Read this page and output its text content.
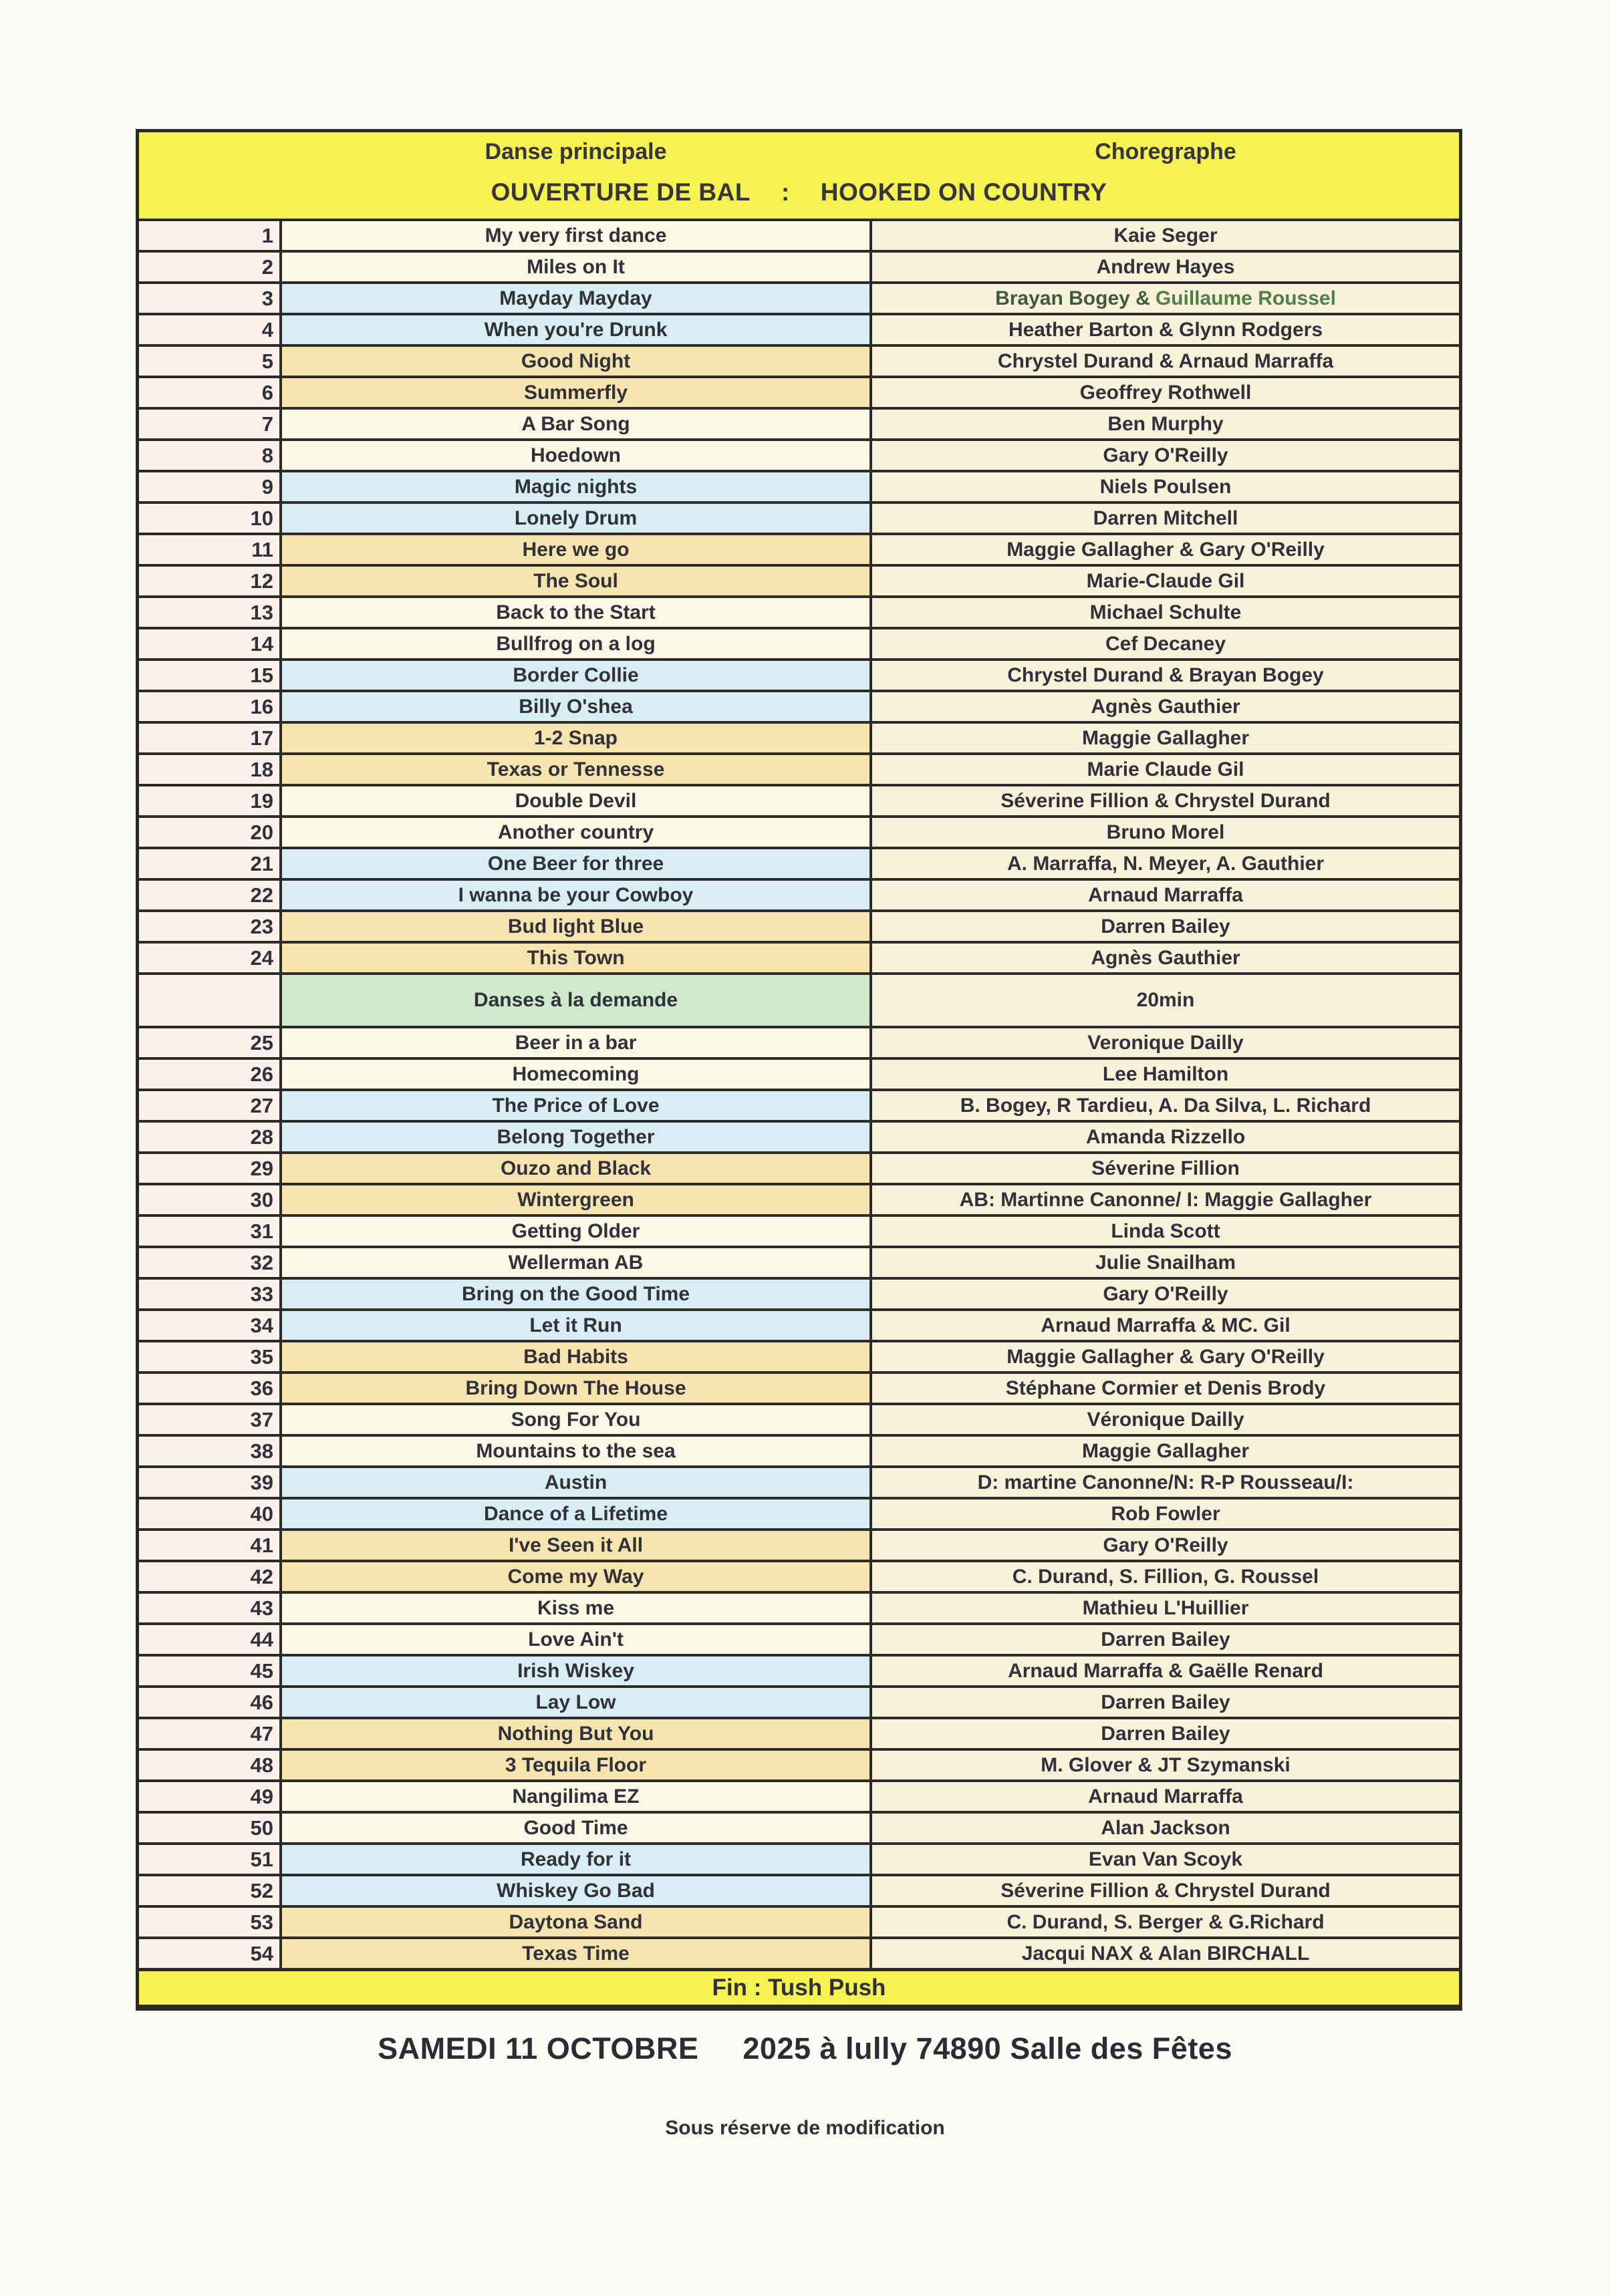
Danse principale	Choregraphe
OUVERTURE DE BAL : HOOKED ON COUNTRY
1	My very first dance	Kaie Seger
2	Miles on It	Andrew Hayes
3	Mayday Mayday	Brayan Bogey & Guillaume Roussel
4	When you're Drunk	Heather Barton & Glynn Rodgers
5	Good Night	Chrystel Durand & Arnaud Marraffa
6	Summerfly	Geoffrey Rothwell
7	A Bar Song	Ben Murphy
8	Hoedown	Gary O'Reilly
9	Magic nights	Niels Poulsen
10	Lonely Drum	Darren Mitchell
11	Here we go	Maggie Gallagher & Gary O'Reilly
12	The Soul	Marie-Claude Gil
13	Back to the Start	Michael Schulte
14	Bullfrog on a log	Cef Decaney
15	Border Collie	Chrystel Durand & Brayan Bogey
16	Billy O'shea	Agnès Gauthier
17	1-2 Snap	Maggie Gallagher
18	Texas or Tennesse	Marie Claude Gil
19	Double Devil	Séverine Fillion & Chrystel Durand
20	Another country	Bruno Morel
21	One Beer for three	A. Marraffa, N. Meyer, A. Gauthier
22	I wanna be your Cowboy	Arnaud Marraffa
23	Bud light Blue	Darren Bailey
24	This Town	Agnès Gauthier
Danses à la demande	20min
25	Beer in a bar	Veronique Dailly
26	Homecoming	Lee Hamilton
27	The Price of Love	B. Bogey, R Tardieu, A. Da Silva, L. Richard
28	Belong Together	Amanda Rizzello
29	Ouzo and Black	Séverine Fillion
30	Wintergreen	AB: Martinne Canonne/ I: Maggie Gallagher
31	Getting Older	Linda Scott
32	Wellerman AB	Julie Snailham
33	Bring on the Good Time	Gary O'Reilly
34	Let it Run	Arnaud Marraffa & MC. Gil
35	Bad Habits	Maggie Gallagher & Gary O'Reilly
36	Bring Down The House	Stéphane Cormier et Denis Brody
37	Song For You	Véronique Dailly
38	Mountains to the sea	Maggie Gallagher
39	Austin	D: martine Canonne/N: R-P Rousseau/I:
40	Dance of a Lifetime	Rob Fowler
41	I've Seen it All	Gary O'Reilly
42	Come my Way	C. Durand, S. Fillion, G. Roussel
43	Kiss me	Mathieu L'Huillier
44	Love Ain't	Darren Bailey
45	Irish Wiskey	Arnaud Marraffa & Gaëlle Renard
46	Lay Low	Darren Bailey
47	Nothing But You	Darren Bailey
48	3 Tequila Floor	M. Glover & JT Szymanski
49	Nangilima EZ	Arnaud Marraffa
50	Good Time	Alan Jackson
51	Ready for it	Evan Van Scoyk
52	Whiskey Go Bad	Séverine Fillion & Chrystel Durand
53	Daytona Sand	C. Durand, S. Berger & G.Richard
54	Texas Time	Jacqui NAX & Alan BIRCHALL
Fin : Tush Push
SAMEDI 11 OCTOBRE 2025 à lully 74890 Salle des Fêtes
Sous réserve de modification
